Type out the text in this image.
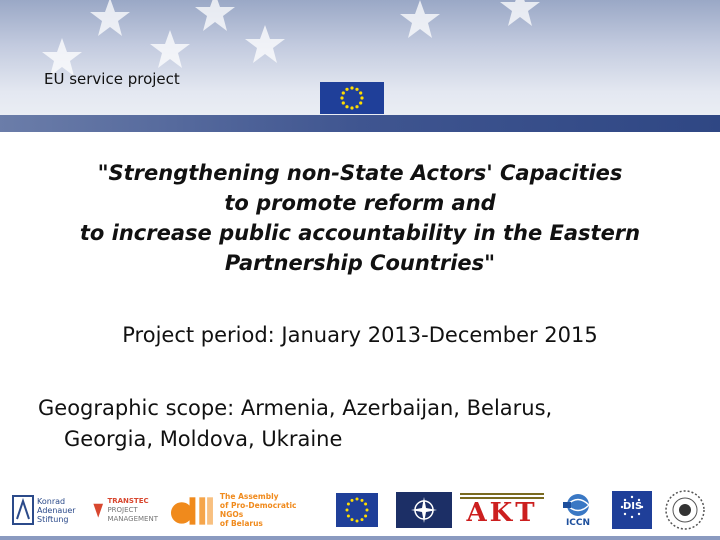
EU service project
"Strengthening non-State Actors' Capacities
to promote reform and
to increase public accountability in the Eastern
Partnership Countries"
Project period: January 2013-December 2015
Geographic scope: Armenia, Azerbaijan, Belarus,
Georgia, Moldova, Ukraine
Konrad
Adenauer
Stiftung
TRANSTEC
PROJECT
MANAGEMENT
The Assembly
of Pro-Democratic NGOs
of Belarus	AKT	ICCN
DIS
